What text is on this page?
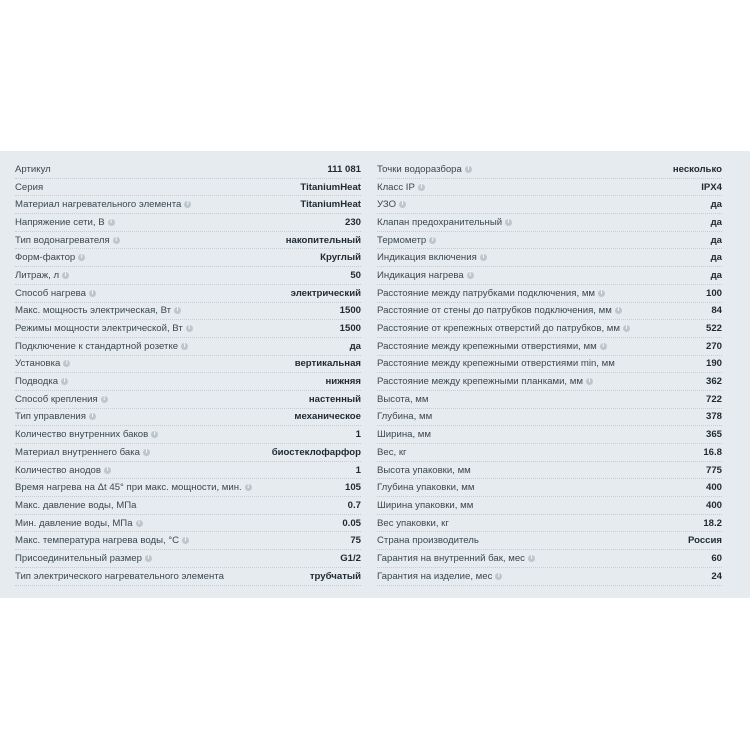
Артикул	111 081
Серия	TitaniumHeat
Материал нагревательного элемента i	TitaniumHeat
Напряжение сети, В i	230
Тип водонагревателя i	накопительный
Форм-фактор i	Круглый
Литраж, л i	50
Способ нагрева i	электрический
Макс. мощность электрическая, Вт i	1500
Режимы мощности электрической, Вт i	1500
Подключение к стандартной розетке i	да
Установка i	вертикальная
Подводка i	нижняя
Способ крепления i	настенный
Тип управления i	механическое
Количество внутренних баков i	1
Материал внутреннего бака i	биостеклофарфор
Количество анодов i	1
Время нагрева на Δt 45° при макс. мощности, мин. i	105
Макс. давление воды, МПа	0.7
Мин. давление воды, МПа i	0.05
Макс. температура нагрева воды, °С i	75
Присоединительный размер i	G1/2
Тип электрического нагревательного элемента	трубчатый
Точки водоразбора i	несколько
Класс IP i	IPX4
УЗО i	да
Клапан предохранительный i	да
Термометр i	да
Индикация включения i	да
Индикация нагрева i	да
Расстояние между патрубками подключения, мм i	100
Расстояние от стены до патрубков подключения, мм i	84
Расстояние от крепежных отверстий до патрубков, мм i	522
Расстояние между крепежными отверстиями, мм i	270
Расстояние между крепежными отверстиями min, мм	190
Расстояние между крепежными планками, мм i	362
Высота, мм	722
Глубина, мм	378
Ширина, мм	365
Вес, кг	16.8
Высота упаковки, мм	775
Глубина упаковки, мм	400
Ширина упаковки, мм	400
Вес упаковки, кг	18.2
Страна производитель	Россия
Гарантия на внутренний бак, мес i	60
Гарантия на изделие, мес i	24
